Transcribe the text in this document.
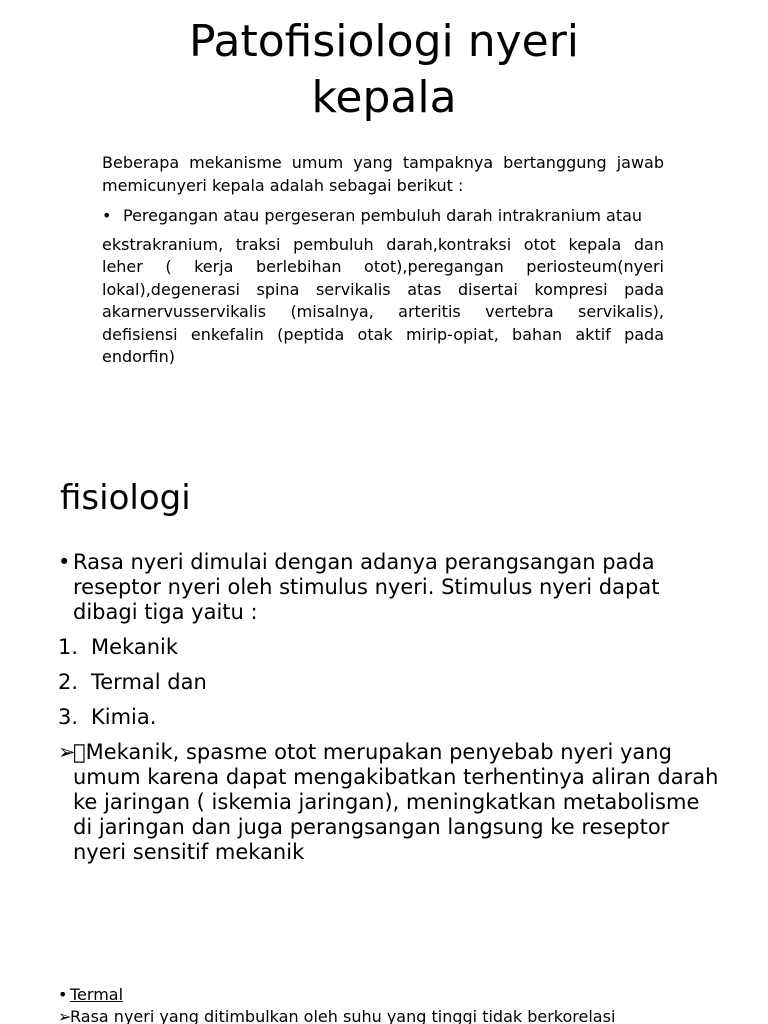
Patofisiologi nyeri
kepala

Beberapa mekanisme umum yang tampaknya bertanggung jawab memicunyeri kepala adalah sebagai berikut :

• Peregangan atau pergeseran pembuluh darah intrakranium atau

ekstrakranium, traksi pembuluh darah,kontraksi otot kepala dan leher ( kerja berlebihan otot),peregangan periosteum(nyeri lokal),degenerasi spina servikalis atas disertai kompresi pada akarnervusservikalis (misalnya, arteritis vertebra servikalis), defisiensi enkefalin (peptida otak mirip-opiat, bahan aktif pada endorfin)

fisiologi
• Rasa nyeri dimulai dengan adanya perangsangan pada reseptor nyeri oleh stimulus nyeri. Stimulus nyeri dapat dibagi tiga yaitu :
1. Mekanik
2. Termal dan
3. Kimia.
➢
 Mekanik, spasme otot merupakan penyebab nyeri yang umum karena dapat mengakibatkan terhentinya aliran darah ke jaringan ( iskemia jaringan), meningkatkan metabolisme di jaringan dan juga perangsangan langsung ke reseptor nyeri sensitif mekanik
• Termal
➢
Rasa nyeri yang ditimbulkan oleh suhu yang tinggi tidak berkorelasi
